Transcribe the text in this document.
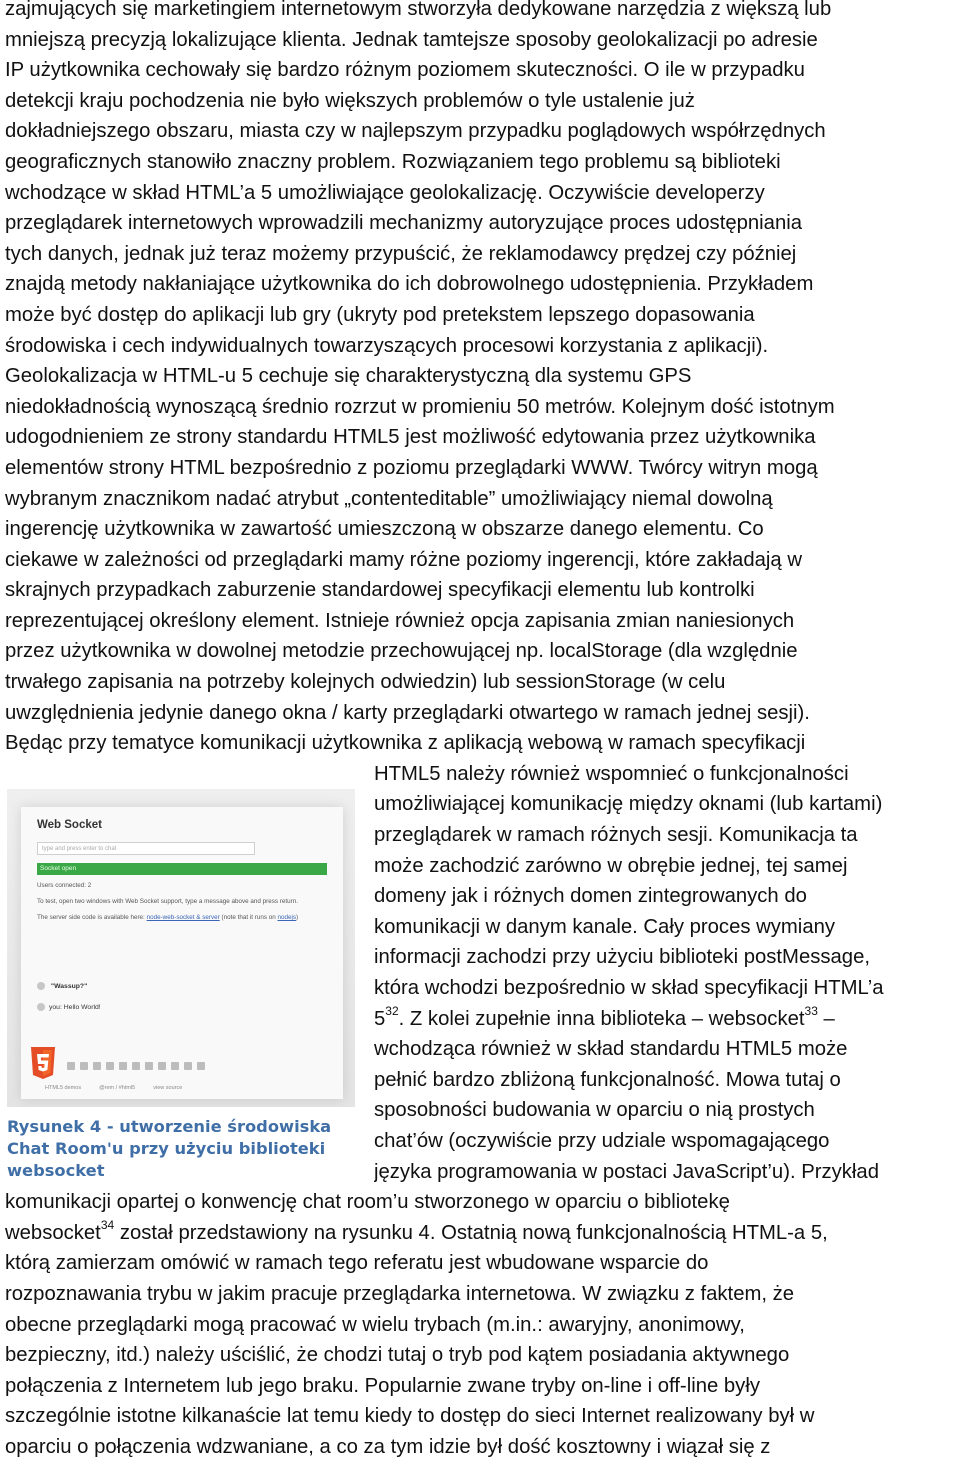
zajmujących się marketingiem internetowym stworzyła dedykowane narzędzia z większą lub
mniejszą precyzją lokalizujące klienta. Jednak tamtejsze sposoby geolokalizacji po adresie
IP użytkownika cechowały się bardzo różnym poziomem skuteczności. O ile w przypadku
detekcji kraju pochodzenia nie było większych problemów o tyle ustalenie już
dokładniejszego obszaru, miasta czy w najlepszym przypadku poglądowych współrzędnych
geograficznych stanowiło znaczny problem. Rozwiązaniem tego problemu są biblioteki
wchodzące w skład HTML’a 5 umożliwiające geolokalizację. Oczywiście developerzy
przeglądarek internetowych wprowadzili mechanizmy autoryzujące proces udostępniania
tych danych, jednak już teraz możemy przypuścić, że reklamodawcy prędzej czy później
znajdą metody nakłaniające użytkownika do ich dobrowolnego udostępnienia. Przykładem
może być dostęp do aplikacji lub gry (ukryty pod pretekstem lepszego dopasowania
środowiska i cech indywidualnych towarzyszących procesowi korzystania z aplikacji).
Geolokalizacja w HTML-u 5 cechuje się charakterystyczną dla systemu GPS
niedokładnością wynoszącą średnio rozrzut w promieniu 50 metrów. Kolejnym dość istotnym
udogodnieniem ze strony standardu HTML5 jest możliwość edytowania przez użytkownika
elementów strony HTML bezpośrednio z poziomu przeglądarki WWW. Twórcy witryn mogą
wybranym znacznikom nadać atrybut „contenteditable” umożliwiający niemal dowolną
ingerencję użytkownika w zawartość umieszczoną w obszarze danego elementu. Co
ciekawe w zależności od przeglądarki mamy różne poziomy ingerencji, które zakładają w
skrajnych przypadkach zaburzenie standardowej specyfikacji elementu lub kontrolki
reprezentującej określony element. Istnieje również opcja zapisania zmian naniesionych
przez użytkownika w dowolnej metodzie przechowującej np. localStorage (dla względnie
trwałego zapisania na potrzeby kolejnych odwiedzin) lub sessionStorage (w celu
uwzględnienia jedynie danego okna / karty przeglądarki otwartego w ramach jednej sesji).
Będąc przy tematyce komunikacji użytkownika z aplikacją webową w ramach specyfikacji
HTML5 należy również wspomnieć o funkcjonalności
umożliwiającej komunikację między oknami (lub kartami)
przeglądarek w ramach różnych sesji. Komunikacja ta
może zachodzić zarówno w obrębie jednej, tej samej
domeny jak i różnych domen zintegrowanych do
komunikacji w danym kanale. Cały proces wymiany
informacji zachodzi przy użyciu biblioteki postMessage,
która wchodzi bezpośrednio w skład specyfikacji HTML’a
$5^{32}$. Z kolei zupełnie inna biblioteka – websocket$^{33}$ –
wchodząca również w skład standardu HTML5 może
pełnić bardzo zbliżoną funkcjonalność. Mowa tutaj o
sposobności budowania w oparciu o nią prostych
chat’ów (oczywiście przy udziale wspomagającego
języka programowania w postaci JavaScript’u). Przykład
komunikacji opartej o konwencję chat room’u stworzonego w oparciu o bibliotekę
websocket$^{34}$ został przedstawiony na rysunku 4. Ostatnią nową funkcjonalnością HTML-a 5,
którą zamierzam omówić w ramach tego referatu jest wbudowane wsparcie do
rozpoznawania trybu w jakim pracuje przeglądarka internetowa. W związku z faktem, że
obecne przeglądarki mogą pracować w wielu trybach (m.in.: awaryjny, anonimowy,
bezpieczny, itd.) należy uściślić, że chodzi tutaj o tryb pod kątem posiadania aktywnego
połączenia z Internetem lub jego braku. Popularnie zwane tryby on-line i off-line były
szczególnie istotne kilkanaście lat temu kiedy to dostęp do sieci Internet realizowany był w
oparciu o połączenia wdzwaniane, a co za tym idzie był dość kosztowny i wiązał się z
Web Socket
type and press enter to chat
Socket open
Users connected: 2
To test, open two windows with Web Socket support, type a message above and press return.
The server side code is available here: node-web-socket & server (note that it runs on nodejs)
"Wassup?"
you: Hello World!
HTML5 demos	@rem / #html5	view source
Rysunek 4 - utworzenie środowiska Chat Room'u przy użyciu biblioteki websocket
